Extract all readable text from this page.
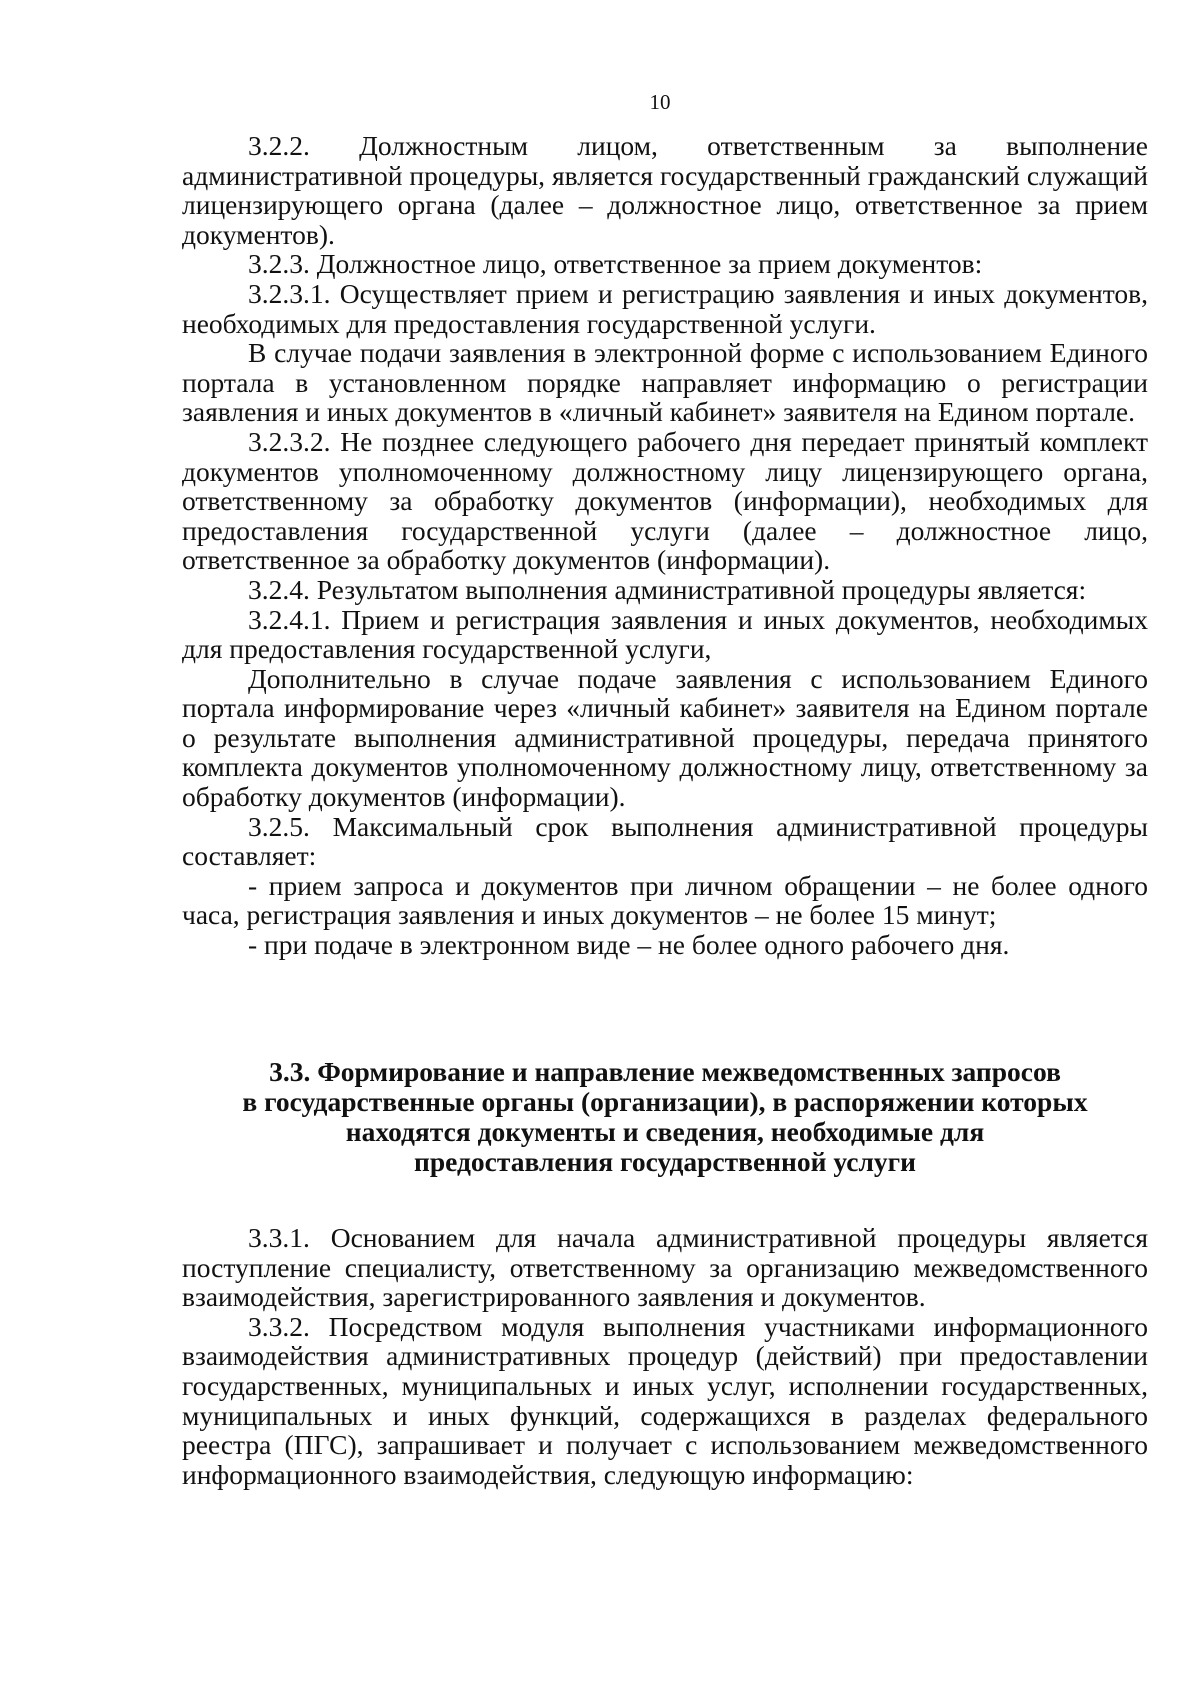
10

3.2.2. Должностным лицом, ответственным за выполнение административной процедуры, является государственный гражданский служащий лицензирующего органа (далее – должностное лицо, ответственное за прием документов).

3.2.3. Должностное лицо, ответственное за прием документов:

3.2.3.1. Осуществляет прием и регистрацию заявления и иных документов, необходимых для предоставления государственной услуги.

В случае подачи заявления в электронной форме с использованием Единого портала в установленном порядке направляет информацию о регистрации заявления и иных документов в «личный кабинет» заявителя на Едином портале.

3.2.3.2. Не позднее следующего рабочего дня передает принятый комплект документов уполномоченному должностному лицу лицензирующего органа, ответственному за обработку документов (информации), необходимых для предоставления государственной услуги (далее – должностное лицо, ответственное за обработку документов (информации).

3.2.4. Результатом выполнения административной процедуры является:

3.2.4.1. Прием и регистрация заявления и иных документов, необходимых для предоставления государственной услуги,

Дополнительно в случае подаче заявления с использованием Единого портала информирование через «личный кабинет» заявителя на Едином портале о результате выполнения административной процедуры, передача принятого комплекта документов уполномоченному должностному лицу, ответственному за обработку документов (информации).

3.2.5. Максимальный срок выполнения административной процедуры составляет:

- прием запроса и документов при личном обращении – не более одного часа, регистрация заявления и иных документов – не более 15 минут;

- при подаче в электронном виде – не более одного рабочего дня.

3.3. Формирование и направление межведомственных запросов
в государственные органы (организации), в распоряжении которых
находятся документы и сведения, необходимые для
предоставления государственной услуги

3.3.1. Основанием для начала административной процедуры является поступление специалисту, ответственному за организацию межведомственного взаимодействия, зарегистрированного заявления и документов.

3.3.2. Посредством модуля выполнения участниками информационного взаимодействия административных процедур (действий) при предоставлении государственных, муниципальных и иных услуг, исполнении государственных, муниципальных и иных функций, содержащихся в разделах федерального реестра (ПГС), запрашивает и получает с использованием межведомственного информационного взаимодействия, следующую информацию:
